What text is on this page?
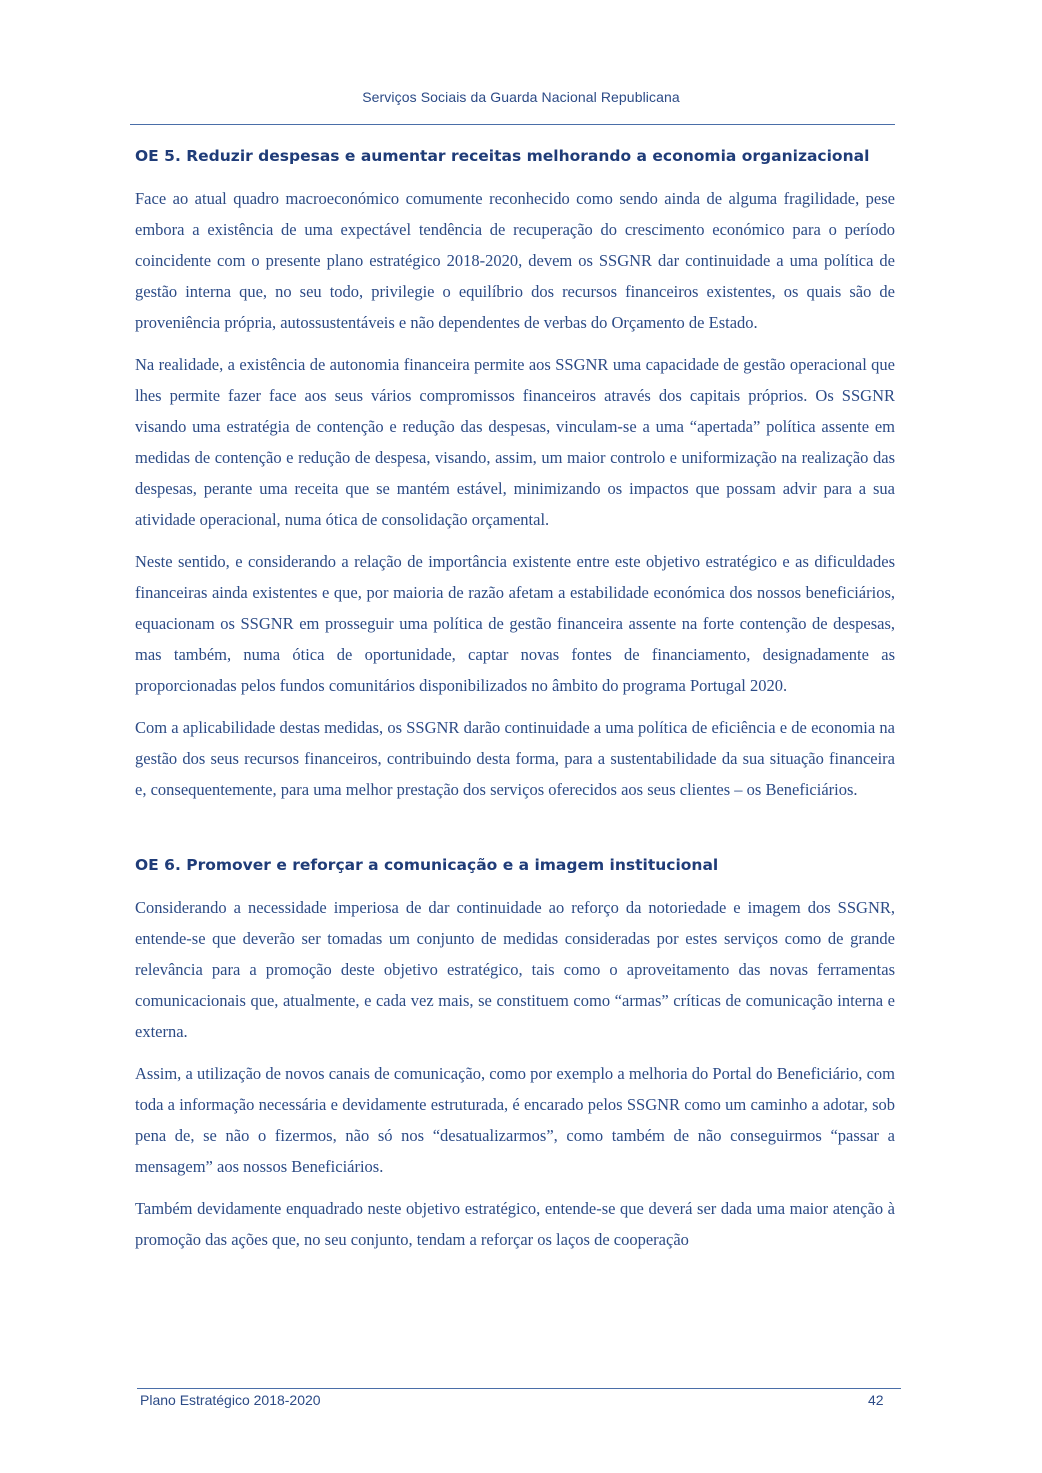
Serviços Sociais da Guarda Nacional Republicana
OE 5. Reduzir despesas e aumentar receitas melhorando a economia organizacional

Face ao atual quadro macroeconómico comumente reconhecido como sendo ainda de alguma fragilidade, pese embora a existência de uma expectável tendência de recuperação do crescimento económico para o período coincidente com o presente plano estratégico 2018-2020, devem os SSGNR dar continuidade a uma política de gestão interna que, no seu todo, privilegie o equilíbrio dos recursos financeiros existentes, os quais são de proveniência própria, autossustentáveis e não dependentes de verbas do Orçamento de Estado.

Na realidade, a existência de autonomia financeira permite aos SSGNR uma capacidade de gestão operacional que lhes permite fazer face aos seus vários compromissos financeiros através dos capitais próprios. Os SSGNR visando uma estratégia de contenção e redução das despesas, vinculam-se a uma “apertada” política assente em medidas de contenção e redução de despesa, visando, assim, um maior controlo e uniformização na realização das despesas, perante uma receita que se mantém estável, minimizando os impactos que possam advir para a sua atividade operacional, numa ótica de consolidação orçamental.

Neste sentido, e considerando a relação de importância existente entre este objetivo estratégico e as dificuldades financeiras ainda existentes e que, por maioria de razão afetam a estabilidade económica dos nossos beneficiários, equacionam os SSGNR em prosseguir uma política de gestão financeira assente na forte contenção de despesas, mas também, numa ótica de oportunidade, captar novas fontes de financiamento, designadamente as proporcionadas pelos fundos comunitários disponibilizados no âmbito do programa Portugal 2020.

Com a aplicabilidade destas medidas, os SSGNR darão continuidade a uma política de eficiência e de economia na gestão dos seus recursos financeiros, contribuindo desta forma, para a sustentabilidade da sua situação financeira e, consequentemente, para uma melhor prestação dos serviços oferecidos aos seus clientes – os Beneficiários.

OE 6. Promover e reforçar a comunicação e a imagem institucional

Considerando a necessidade imperiosa de dar continuidade ao reforço da notoriedade e imagem dos SSGNR, entende-se que deverão ser tomadas um conjunto de medidas consideradas por estes serviços como de grande relevância para a promoção deste objetivo estratégico, tais como o aproveitamento das novas ferramentas comunicacionais que, atualmente, e cada vez mais, se constituem como “armas” críticas de comunicação interna e externa.

Assim, a utilização de novos canais de comunicação, como por exemplo a melhoria do Portal do Beneficiário, com toda a informação necessária e devidamente estruturada, é encarado pelos SSGNR como um caminho a adotar, sob pena de, se não o fizermos, não só nos “desatualizarmos”, como também de não conseguirmos “passar a mensagem” aos nossos Beneficiários.

Também devidamente enquadrado neste objetivo estratégico, entende-se que deverá ser dada uma maior atenção à promoção das ações que, no seu conjunto, tendam a reforçar os laços de cooperação

Plano Estratégico 2018-2020	42
